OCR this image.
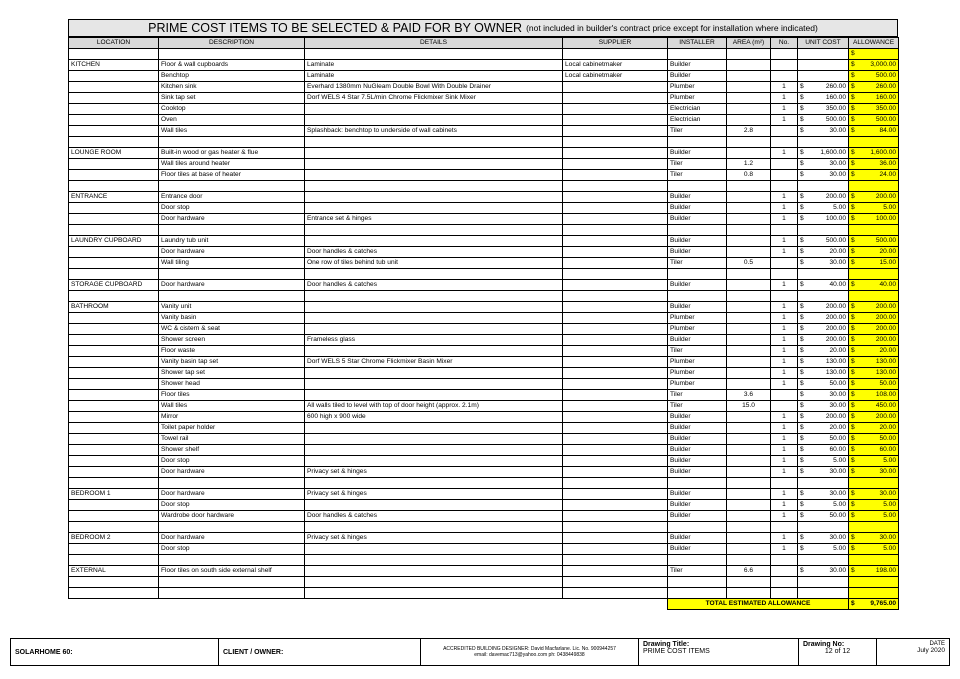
PRIME COST ITEMS TO BE SELECTED & PAID FOR BY OWNER (not included in builder's contract price except for installation where indicated)
LOCATION	DESCRIPTION	DETAILS	SUPPLIER	INSTALLER	AREA (m²)	No.	UNIT COST		ALLOWANCE	
									$	
KITCHEN	Floor & wall cupboards	Laminate	Local cabinetmaker	Builder					$	3,000.00
	Benchtop	Laminate	Local cabinetmaker	Builder					$	500.00
	Kitchen sink	Everhard 1380mm NuGleam Double Bowl With Double Drainer		Plumber		1	$	260.00	$	260.00
	Sink tap set	Dorf WELS 4 Star 7.5L/min Chrome Flickmixer Sink Mixer		Plumber		1	$	160.00	$	160.00
	Cooktop			Electrician		1	$	350.00	$	350.00
	Oven			Electrician		1	$	500.00	$	500.00
	Wall tiles	Splashback: benchtop to underside of wall cabinets		Tiler	2.8		$	30.00	$	84.00

LOUNGE ROOM	Built-in wood or gas heater & flue			Builder		1	$	1,600.00	$	1,600.00
	Wall tiles around heater			Tiler	1.2		$	30.00	$	36.00
	Floor tiles at base of heater			Tiler	0.8		$	30.00	$	24.00

ENTRANCE	Entrance door			Builder		1	$	200.00	$	200.00
	Door stop			Builder		1	$	5.00	$	5.00
	Door hardware	Entrance set & hinges		Builder		1	$	100.00	$	100.00

LAUNDRY CUPBOARD	Laundry tub unit			Builder		1	$	500.00	$	500.00
	Door hardware	Door handles & catches		Builder		1	$	20.00	$	20.00
	Wall tiling	One row of tiles behind tub unit		Tiler	0.5		$	30.00	$	15.00

STORAGE CUPBOARD	Door hardware	Door handles & catches		Builder		1	$	40.00	$	40.00

BATHROOM	Vanity unit			Builder		1	$	200.00	$	200.00
	Vanity basin			Plumber		1	$	200.00	$	200.00
	WC & cistern & seat			Plumber		1	$	200.00	$	200.00
	Shower screen	Frameless glass		Builder		1	$	200.00	$	200.00
	Floor waste			Tiler		1	$	20.00	$	20.00
	Vanity basin tap set	Dorf WELS 5 Star Chrome Flickmixer Basin Mixer		Plumber		1	$	130.00	$	130.00
	Shower tap set			Plumber		1	$	130.00	$	130.00
	Shower head			Plumber		1	$	50.00	$	50.00
	Floor tiles			Tiler	3.6		$	30.00	$	108.00
	Wall tiles	All walls tiled to level with top of door height (approx. 2.1m)		Tiler	15.0		$	30.00	$	450.00
	Mirror	600 high x 900 wide		Builder		1	$	200.00	$	200.00
	Toilet paper holder			Builder		1	$	20.00	$	20.00
	Towel rail			Builder		1	$	50.00	$	50.00
	Shower shelf			Builder		1	$	60.00	$	60.00
	Door stop			Builder		1	$	5.00	$	5.00
	Door hardware	Privacy set & hinges		Builder		1	$	30.00	$	30.00

BEDROOM 1	Door hardware	Privacy set & hinges		Builder		1	$	30.00	$	30.00
	Door stop			Builder		1	$	5.00	$	5.00
	Wardrobe door hardware	Door handles & catches		Builder		1	$	50.00	$	5.00

BEDROOM 2	Door hardware	Privacy set & hinges		Builder		1	$	30.00	$	30.00
	Door stop			Builder		1	$	5.00	$	5.00

EXTERNAL	Floor tiles on south side external shelf			Tiler	6.6		$	30.00	$	198.00

				TOTAL ESTIMATED ALLOWANCE					$	9,765.00
SOLARHOME 60:	CLIENT / OWNER:	ACCREDITED BUILDING DESIGNER: David Macfarlane. Lic. No. 900944257
email: davemac713@yahoo.com ph: 0438449838
Drawing Title:
PRIME COST ITEMS
Drawing No:
12 of 12
DATE
July 2020
